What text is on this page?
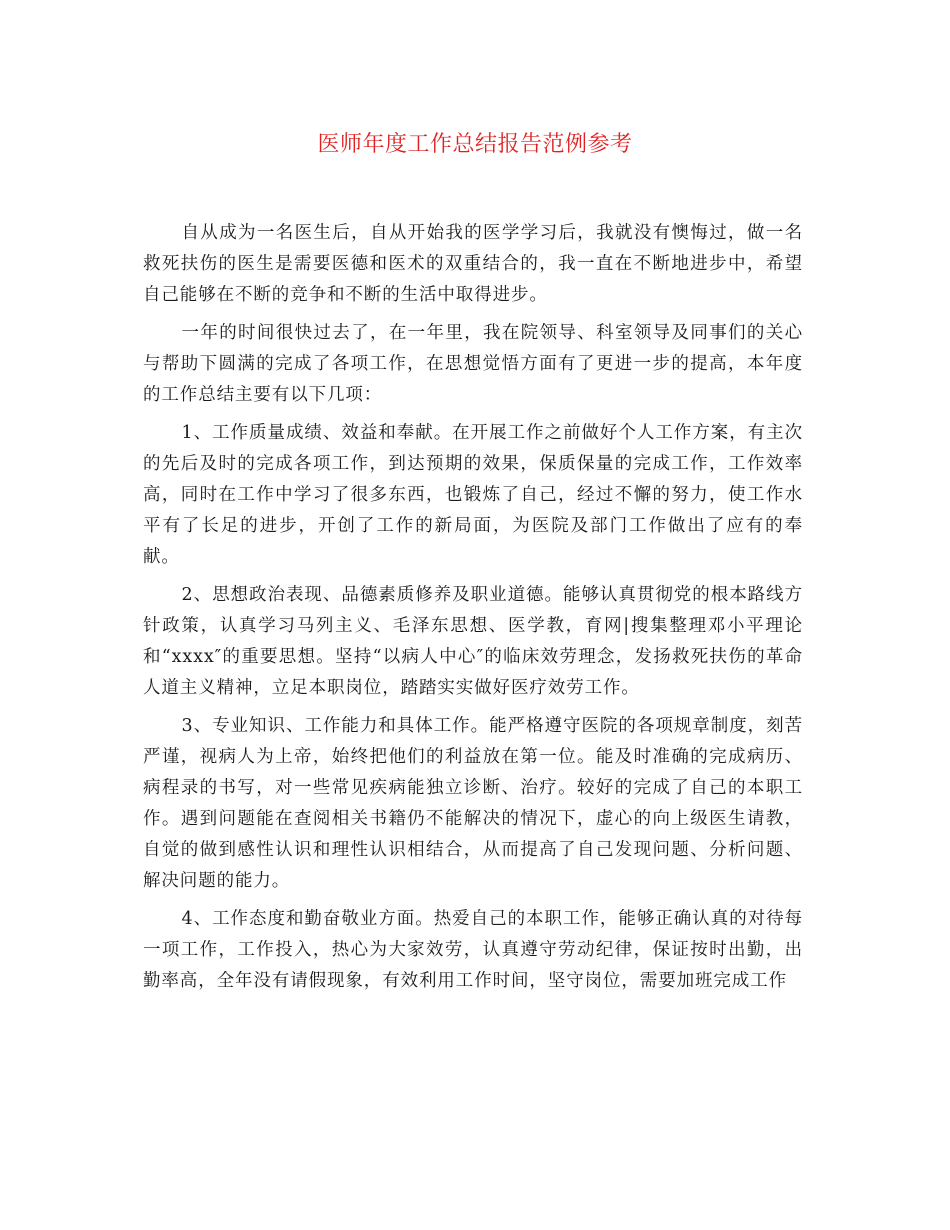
医师年度工作总结报告范例参考

自从成为一名医生后，自从开始我的医学学习后，我就没有懊悔过，做一名救死扶伤的医生是需要医德和医术的双重结合的，我一直在不断地进步中，希望自己能够在不断的竞争和不断的生活中取得进步。

一年的时间很快过去了，在一年里，我在院领导、科室领导及同事们的关心与帮助下圆满的完成了各项工作，在思想觉悟方面有了更进一步的提高，本年度的工作总结主要有以下几项：

1、工作质量成绩、效益和奉献。在开展工作之前做好个人工作方案，有主次的先后及时的完成各项工作，到达预期的效果，保质保量的完成工作，工作效率高，同时在工作中学习了很多东西，也锻炼了自己，经过不懈的努力，使工作水平有了长足的进步，开创了工作的新局面，为医院及部门工作做出了应有的奉献。

2、思想政治表现、品德素质修养及职业道德。能够认真贯彻党的根本路线方针政策，认真学习马列主义、毛泽东思想、医学教，育网|搜集整理邓小平理论和“xxxx″的重要思想。坚持“以病人中心″的临床效劳理念，发扬救死扶伤的革命人道主义精神，立足本职岗位，踏踏实实做好医疗效劳工作。

3、专业知识、工作能力和具体工作。能严格遵守医院的各项规章制度，刻苦严谨，视病人为上帝，始终把他们的利益放在第一位。能及时准确的完成病历、病程录的书写，对一些常见疾病能独立诊断、治疗。较好的完成了自己的本职工作。遇到问题能在查阅相关书籍仍不能解决的情况下，虚心的向上级医生请教，自觉的做到感性认识和理性认识相结合，从而提高了自己发现问题、分析问题、解决问题的能力。

4、工作态度和勤奋敬业方面。热爱自己的本职工作，能够正确认真的对待每一项工作，工作投入，热心为大家效劳，认真遵守劳动纪律，保证按时出勤，出勤率高，全年没有请假现象，有效利用工作时间，坚守岗位，需要加班完成工作
